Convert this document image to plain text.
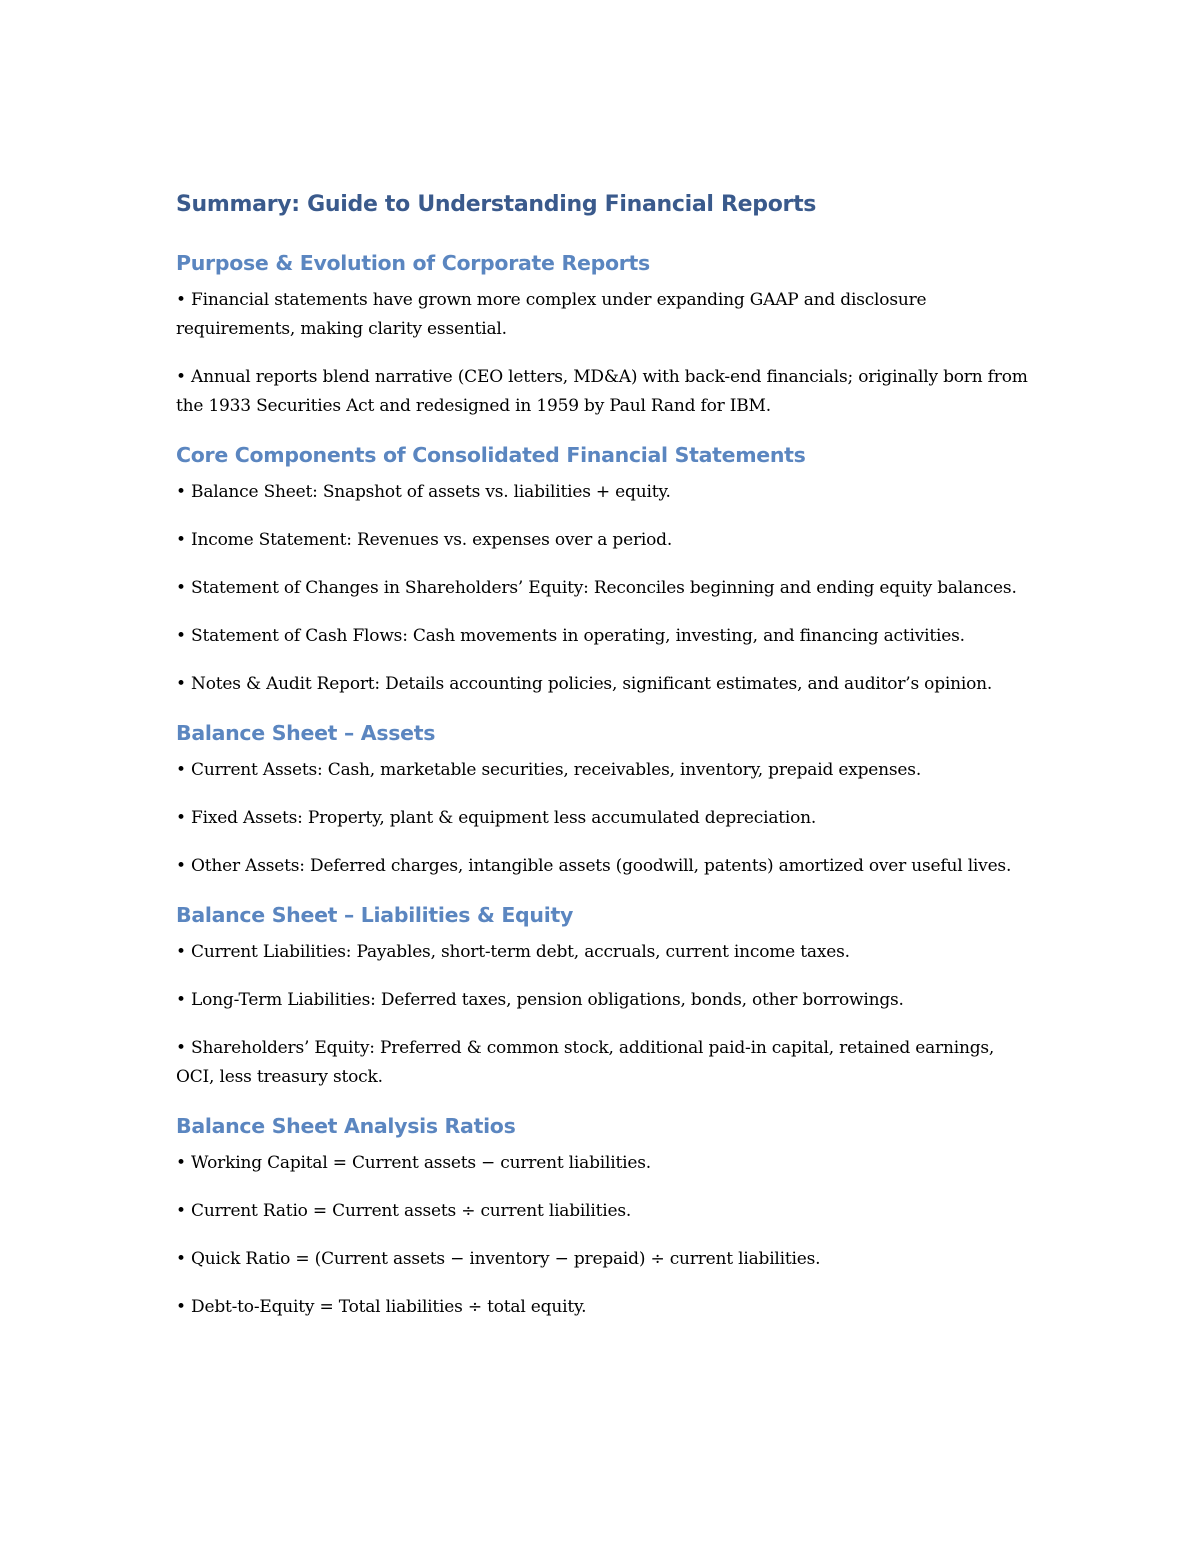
Summary: Guide to Understanding Financial Reports
Purpose & Evolution of Corporate Reports

• Financial statements have grown more complex under expanding GAAP and disclosure requirements, making clarity essential.

• Annual reports blend narrative (CEO letters, MD&A) with back-end financials; originally born from the 1933 Securities Act and redesigned in 1959 by Paul Rand for IBM.

Core Components of Consolidated Financial Statements

• Balance Sheet: Snapshot of assets vs. liabilities + equity.

• Income Statement: Revenues vs. expenses over a period.

• Statement of Changes in Shareholders’ Equity: Reconciles beginning and ending equity balances.

• Statement of Cash Flows: Cash movements in operating, investing, and financing activities.

• Notes & Audit Report: Details accounting policies, significant estimates, and auditor’s opinion.

Balance Sheet – Assets

• Current Assets: Cash, marketable securities, receivables, inventory, prepaid expenses.

• Fixed Assets: Property, plant & equipment less accumulated depreciation.

• Other Assets: Deferred charges, intangible assets (goodwill, patents) amortized over useful lives.

Balance Sheet – Liabilities & Equity

• Current Liabilities: Payables, short-term debt, accruals, current income taxes.

• Long-Term Liabilities: Deferred taxes, pension obligations, bonds, other borrowings.

• Shareholders’ Equity: Preferred & common stock, additional paid-in capital, retained earnings, OCI, less treasury stock.

Balance Sheet Analysis Ratios

• Working Capital = Current assets − current liabilities.

• Current Ratio = Current assets ÷ current liabilities.

• Quick Ratio = (Current assets − inventory − prepaid) ÷ current liabilities.

• Debt-to-Equity = Total liabilities ÷ total equity.
